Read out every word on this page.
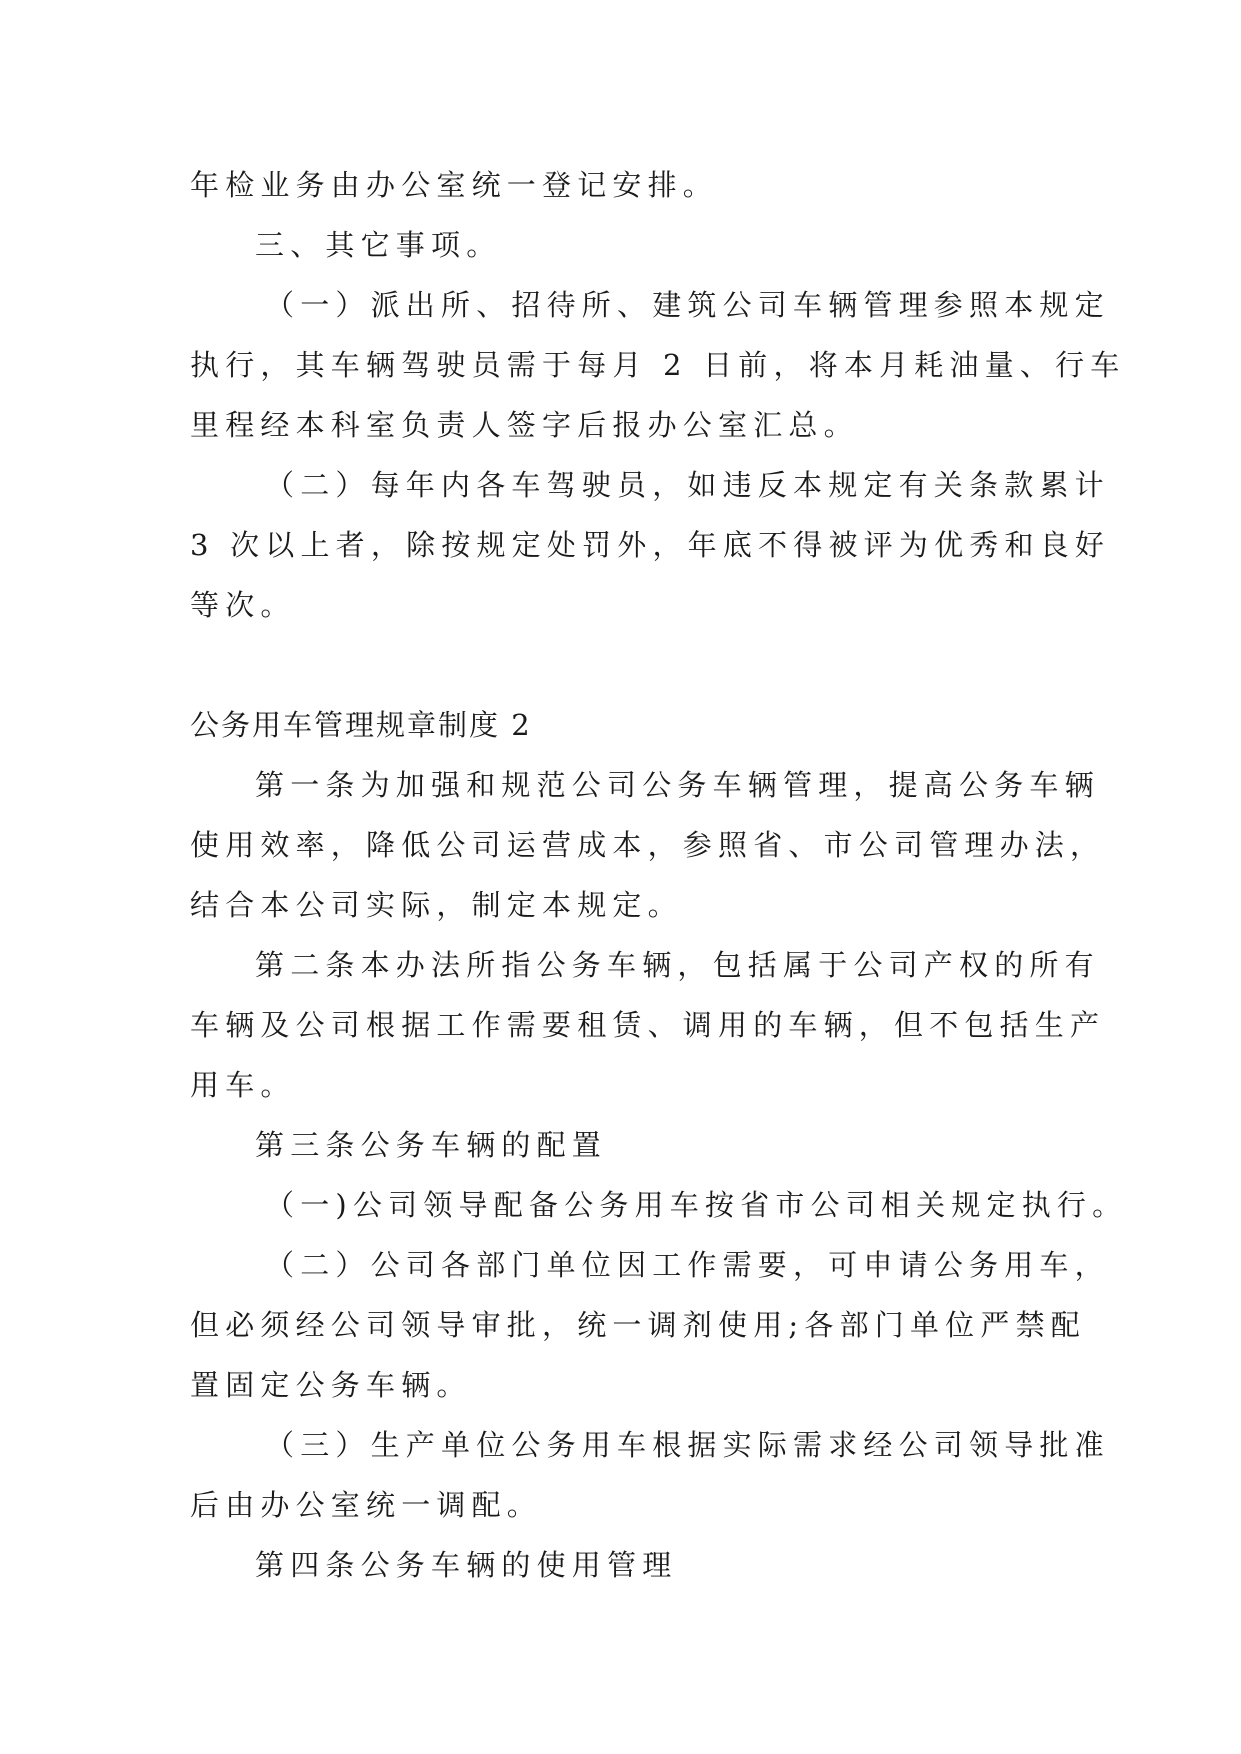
年检业务由办公室统一登记安排。
三、其它事项。
（一）派出所、招待所、建筑公司车辆管理参照本规定
执行，其车辆驾驶员需于每月 2 日前，将本月耗油量、行车
里程经本科室负责人签字后报办公室汇总。
（二）每年内各车驾驶员，如违反本规定有关条款累计
3 次以上者，除按规定处罚外，年底不得被评为优秀和良好
等次。
公务用车管理规章制度 2
第一条为加强和规范公司公务车辆管理，提高公务车辆
使用效率，降低公司运营成本，参照省、市公司管理办法，
结合本公司实际，制定本规定。
第二条本办法所指公务车辆，包括属于公司产权的所有
车辆及公司根据工作需要租赁、调用的车辆，但不包括生产
用车。
第三条公务车辆的配置
（一)公司领导配备公务用车按省市公司相关规定执行。
（二）公司各部门单位因工作需要，可申请公务用车，
但必须经公司领导审批，统一调剂使用;各部门单位严禁配
置固定公务车辆。
（三）生产单位公务用车根据实际需求经公司领导批准
后由办公室统一调配。
第四条公务车辆的使用管理
